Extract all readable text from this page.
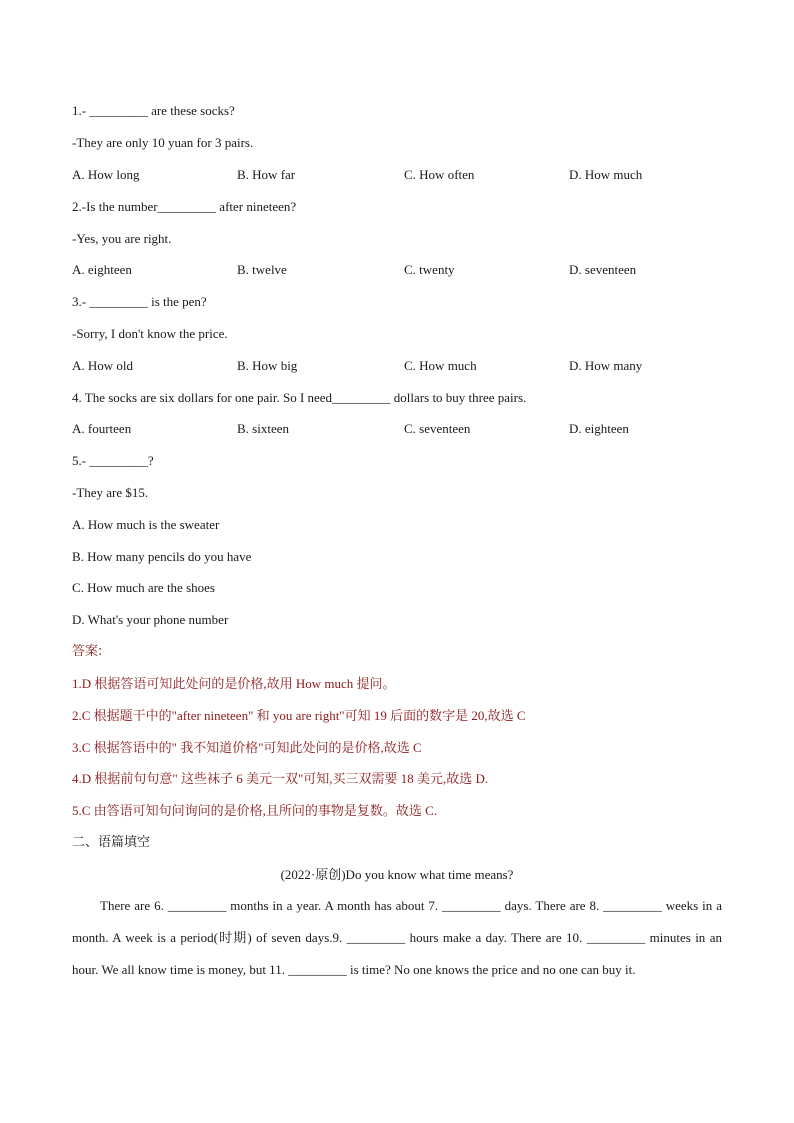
1.- _________ are these socks?
-They are only 10 yuan for 3 pairs.
A. How long	B. How far	C. How often	D. How much
2.-Is the number_________ after nineteen?
-Yes, you are right.
A. eighteen	B. twelve	C. twenty	D. seventeen
3.- _________ is the pen?
-Sorry, I don't know the price.
A. How old	B. How big	C. How much	D. How many
4. The socks are six dollars for one pair. So I need_________ dollars to buy three pairs.
A. fourteen	B. sixteen	C. seventeen	D. eighteen
5.- _________?
-They are $15.
A. How much is the sweater
B. How many pencils do you have
C. How much are the shoes
D. What's your phone number
答案:
1.D 根据答语可知此处问的是价格,故用 How much 提问。
2.C 根据题干中的"after nineteen" 和 you are right"可知 19 后面的数字是 20,故选 C
3.C 根据答语中的" 我不知道价格"可知此处问的是价格,故选 C
4.D 根据前句句意" 这些袜子 6 美元一双"可知,买三双需要 18 美元,故选 D.
5.C 由答语可知句问询问的是价格,且所问的事物是复数。故选 C.
二、语篇填空
(2022·原创)Do you know what time means?
There are 6. _________ months in a year. A month has about 7. _________ days. There are 8. _________ weeks in a month. A week is a period(时期) of seven days.9. _________ hours make a day. There are 10. _________ minutes in an hour. We all know time is money, but 11. _________ is time? No one knows the price and no one can buy it.
